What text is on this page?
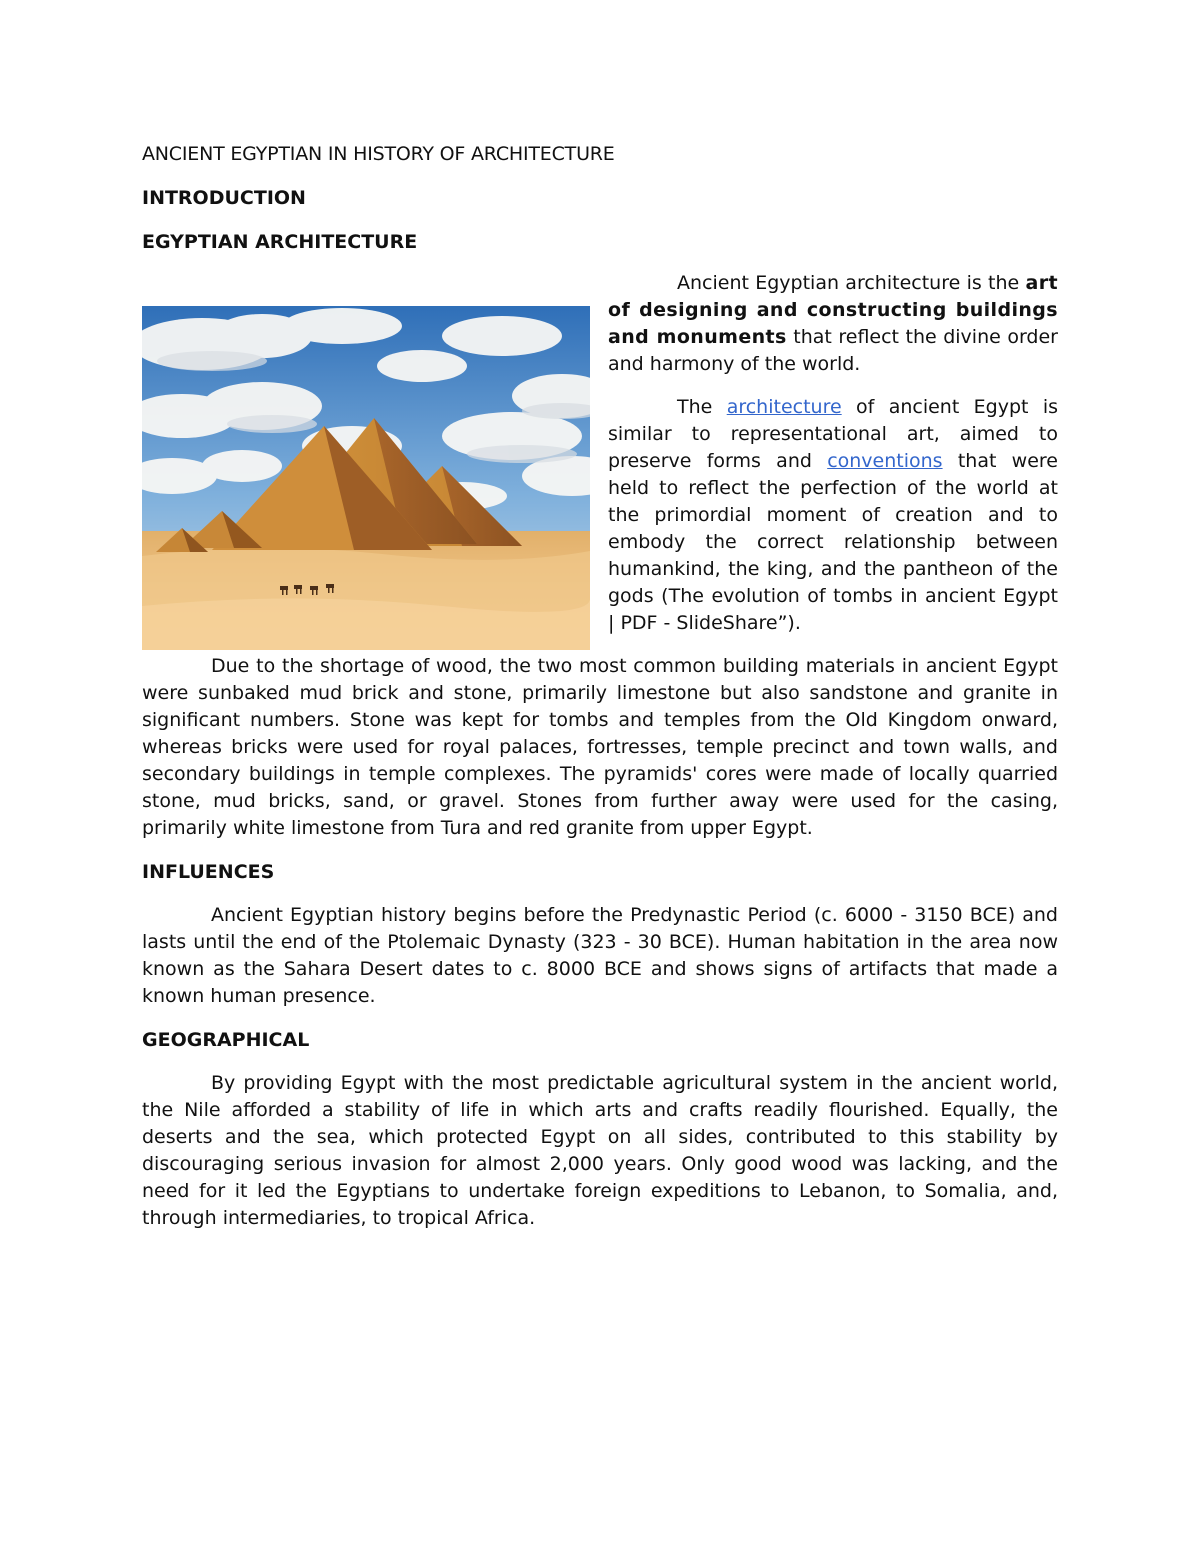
ANCIENT EGYPTIAN IN HISTORY OF ARCHITECTURE
INTRODUCTION
EGYPTIAN ARCHITECTURE

Ancient Egyptian architecture is the art of designing and constructing buildings and monuments that reflect the divine order and harmony of the world.

The architecture of ancient Egypt is similar to representational art, aimed to preserve forms and conventions that were held to reflect the perfection of the world at the primordial moment of creation and to embody the correct relationship between humankind, the king, and the pantheon of the gods (The evolution of tombs in ancient Egypt | PDF - SlideShare”).

Due to the shortage of wood, the two most common building materials in ancient Egypt were sunbaked mud brick and stone, primarily limestone but also sandstone and granite in significant numbers. Stone was kept for tombs and temples from the Old Kingdom onward, whereas bricks were used for royal palaces, fortresses, temple precinct and town walls, and secondary buildings in temple complexes. The pyramids' cores were made of locally quarried stone, mud bricks, sand, or gravel. Stones from further away were used for the casing, primarily white limestone from Tura and red granite from upper Egypt.

INFLUENCES

Ancient Egyptian history begins before the Predynastic Period (c. 6000 - 3150 BCE) and lasts until the end of the Ptolemaic Dynasty (323 - 30 BCE). Human habitation in the area now known as the Sahara Desert dates to c. 8000 BCE and shows signs of artifacts that made a known human presence.

GEOGRAPHICAL

By providing Egypt with the most predictable agricultural system in the ancient world, the Nile afforded a stability of life in which arts and crafts readily flourished. Equally, the deserts and the sea, which protected Egypt on all sides, contributed to this stability by discouraging serious invasion for almost 2,000 years. Only good wood was lacking, and the need for it led the Egyptians to undertake foreign expeditions to Lebanon, to Somalia, and, through intermediaries, to tropical Africa.
